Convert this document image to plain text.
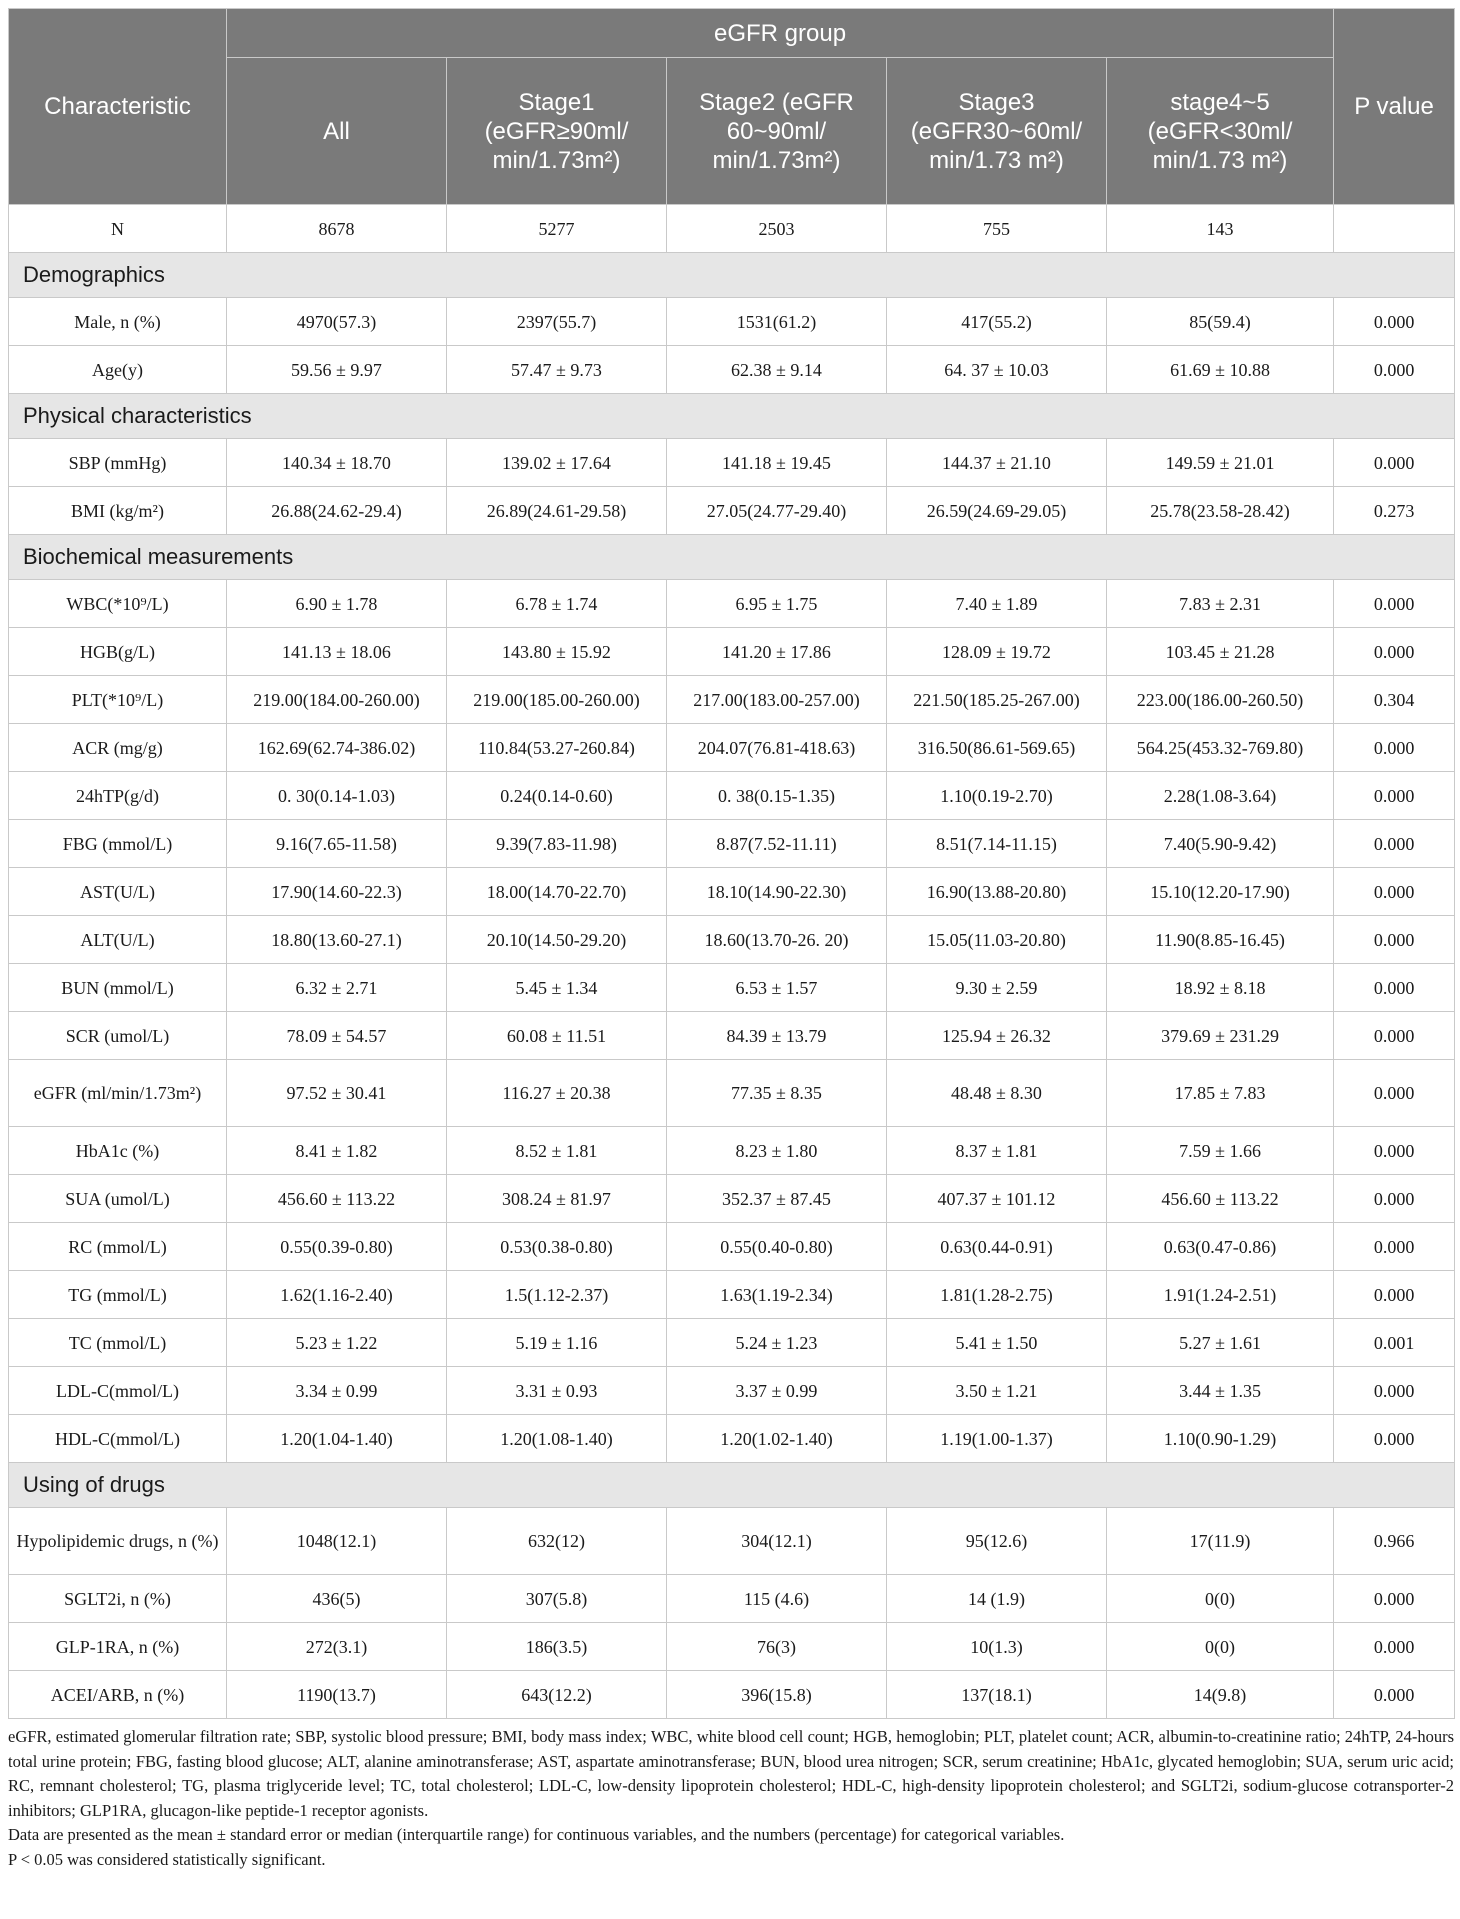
Characteristic	eGFR group					P value
	All	Stage1 (eGFR≥90ml/ min/1.73m²)	Stage2 (eGFR 60~90ml/ min/1.73m²)	Stage3 (eGFR30~60ml/ min/1.73 m²)	stage4~5 (eGFR<30ml/ min/1.73 m²)	
N	8678	5277	2503	755	143	
Demographics						
Male, n (%)	4970(57.3)	2397(55.7)	1531(61.2)	417(55.2)	85(59.4)	0.000
Age(y)	59.56 ± 9.97	57.47 ± 9.73	62.38 ± 9.14	64. 37 ± 10.03	61.69 ± 10.88	0.000
Physical characteristics						
SBP (mmHg)	140.34 ± 18.70	139.02 ± 17.64	141.18 ± 19.45	144.37 ± 21.10	149.59 ± 21.01	0.000
BMI (kg/m²)	26.88(24.62-29.4)	26.89(24.61-29.58)	27.05(24.77-29.40)	26.59(24.69-29.05)	25.78(23.58-28.42)	0.273
Biochemical measurements						
WBC(*10⁹/L)	6.90 ± 1.78	6.78 ± 1.74	6.95 ± 1.75	7.40 ± 1.89	7.83 ± 2.31	0.000
HGB(g/L)	141.13 ± 18.06	143.80 ± 15.92	141.20 ± 17.86	128.09 ± 19.72	103.45 ± 21.28	0.000
PLT(*10⁹/L)	219.00(184.00-260.00)	219.00(185.00-260.00)	217.00(183.00-257.00)	221.50(185.25-267.00)	223.00(186.00-260.50)	0.304
ACR (mg/g)	162.69(62.74-386.02)	110.84(53.27-260.84)	204.07(76.81-418.63)	316.50(86.61-569.65)	564.25(453.32-769.80)	0.000
24hTP(g/d)	0. 30(0.14-1.03)	0.24(0.14-0.60)	0. 38(0.15-1.35)	1.10(0.19-2.70)	2.28(1.08-3.64)	0.000
FBG (mmol/L)	9.16(7.65-11.58)	9.39(7.83-11.98)	8.87(7.52-11.11)	8.51(7.14-11.15)	7.40(5.90-9.42)	0.000
AST(U/L)	17.90(14.60-22.3)	18.00(14.70-22.70)	18.10(14.90-22.30)	16.90(13.88-20.80)	15.10(12.20-17.90)	0.000
ALT(U/L)	18.80(13.60-27.1)	20.10(14.50-29.20)	18.60(13.70-26. 20)	15.05(11.03-20.80)	11.90(8.85-16.45)	0.000
BUN (mmol/L)	6.32 ± 2.71	5.45 ± 1.34	6.53 ± 1.57	9.30 ± 2.59	18.92 ± 8.18	0.000
SCR (umol/L)	78.09 ± 54.57	60.08 ± 11.51	84.39 ± 13.79	125.94 ± 26.32	379.69 ± 231.29	0.000
eGFR (ml/min/1.73m²)	97.52 ± 30.41	116.27 ± 20.38	77.35 ± 8.35	48.48 ± 8.30	17.85 ± 7.83	0.000
HbA1c (%)	8.41 ± 1.82	8.52 ± 1.81	8.23 ± 1.80	8.37 ± 1.81	7.59 ± 1.66	0.000
SUA (umol/L)	456.60 ± 113.22	308.24 ± 81.97	352.37 ± 87.45	407.37 ± 101.12	456.60 ± 113.22	0.000
RC (mmol/L)	0.55(0.39-0.80)	0.53(0.38-0.80)	0.55(0.40-0.80)	0.63(0.44-0.91)	0.63(0.47-0.86)	0.000
TG (mmol/L)	1.62(1.16-2.40)	1.5(1.12-2.37)	1.63(1.19-2.34)	1.81(1.28-2.75)	1.91(1.24-2.51)	0.000
TC (mmol/L)	5.23 ± 1.22	5.19 ± 1.16	5.24 ± 1.23	5.41 ± 1.50	5.27 ± 1.61	0.001
LDL-C(mmol/L)	3.34 ± 0.99	3.31 ± 0.93	3.37 ± 0.99	3.50 ± 1.21	3.44 ± 1.35	0.000
HDL-C(mmol/L)	1.20(1.04-1.40)	1.20(1.08-1.40)	1.20(1.02-1.40)	1.19(1.00-1.37)	1.10(0.90-1.29)	0.000
Using of drugs						
Hypolipidemic drugs, n (%)	1048(12.1)	632(12)	304(12.1)	95(12.6)	17(11.9)	0.966
SGLT2i, n (%)	436(5)	307(5.8)	115 (4.6)	14 (1.9)	0(0)	0.000
GLP-1RA, n (%)	272(3.1)	186(3.5)	76(3)	10(1.3)	0(0)	0.000
ACEI/ARB, n (%)	1190(13.7)	643(12.2)	396(15.8)	137(18.1)	14(9.8)	0.000
eGFR, estimated glomerular filtration rate; SBP, systolic blood pressure; BMI, body mass index; WBC, white blood cell count; HGB, hemoglobin; PLT, platelet count; ACR, albumin-to-creatinine ratio; 24hTP, 24-hours total urine protein; FBG, fasting blood glucose; ALT, alanine aminotransferase; AST, aspartate aminotransferase; BUN, blood urea nitrogen; SCR, serum creatinine; HbA1c, glycated hemoglobin; SUA, serum uric acid; RC, remnant cholesterol; TG, plasma triglyceride level; TC, total cholesterol; LDL-C, low-density lipoprotein cholesterol; HDL-C, high-density lipoprotein cholesterol; and SGLT2i, sodium-glucose cotransporter-2 inhibitors; GLP1RA, glucagon-like peptide-1 receptor agonists.
Data are presented as the mean ± standard error or median (interquartile range) for continuous variables, and the numbers (percentage) for categorical variables.
P < 0.05 was considered statistically significant.
